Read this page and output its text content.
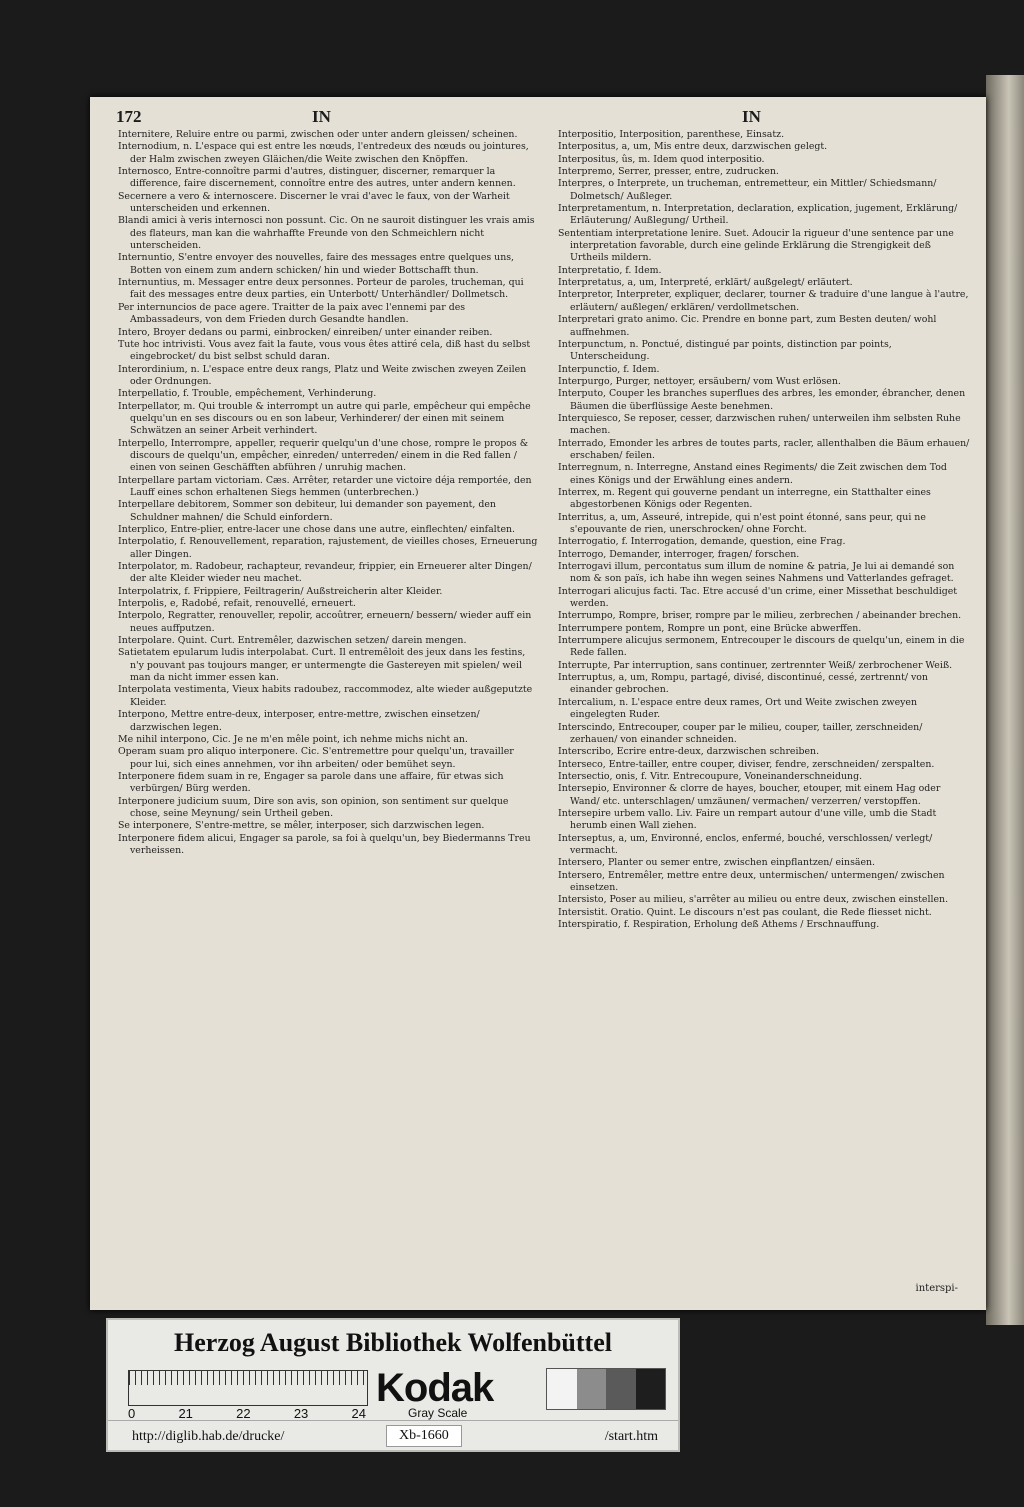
172	IN	IN

Internitere, Reluire entre ou parmi, zwischen oder unter andern gleissen/ scheinen.

Internodium, n. L'espace qui est entre les nœuds, l'entredeux des nœuds ou jointures, der Halm zwischen zweyen Gläichen/die Weite zwischen den Knöpffen.

Internosco, Entre-connoître parmi d'autres, distinguer, discerner, remarquer la difference, faire discernement, connoître entre des autres, unter andern kennen.

Secernere a vero & internoscere. Discerner le vrai d'avec le faux, von der Warheit unterscheiden und erkennen.

Blandi amici à veris internosci non possunt. Cic. On ne sauroit distinguer les vrais amis des flateurs, man kan die wahrhaffte Freunde von den Schmeichlern nicht unterscheiden.

Internuntio, S'entre envoyer des nouvelles, faire des messages entre quelques uns, Botten von einem zum andern schicken/ hin und wieder Bottschafft thun.

Internuntius, m. Messager entre deux personnes. Porteur de paroles, trucheman, qui fait des messages entre deux parties, ein Unterbott/ Unterhändler/ Dollmetsch.

Per internuncios de pace agere. Traitter de la paix avec l'ennemi par des Ambassadeurs, von dem Frieden durch Gesandte handlen.

Intero, Broyer dedans ou parmi, einbrocken/ einreiben/ unter einander reiben.

Tute hoc intrivisti. Vous avez fait la faute, vous vous êtes attiré cela, diß hast du selbst eingebrocket/ du bist selbst schuld daran.

Interordinium, n. L'espace entre deux rangs, Platz und Weite zwischen zweyen Zeilen oder Ordnungen.

Interpellatio, f. Trouble, empêchement, Verhinderung.

Interpellator, m. Qui trouble & interrompt un autre qui parle, empêcheur qui empêche quelqu'un en ses discours ou en son labeur, Verhinderer/ der einen mit seinem Schwätzen an seiner Arbeit verhindert.

Interpello, Interrompre, appeller, requerir quelqu'un d'une chose, rompre le propos & discours de quelqu'un, empêcher, einreden/ unterreden/ einem in die Red fallen / einen von seinen Geschäfften abführen / unruhig machen.

Interpellare partam victoriam. Cæs. Arrêter, retarder une victoire déja remportée, den Lauff eines schon erhaltenen Siegs hemmen (unterbrechen.)

Interpellare debitorem, Sommer son debiteur, lui demander son payement, den Schuldner mahnen/ die Schuld einfordern.

Interplico, Entre-plier, entre-lacer une chose dans une autre, einflechten/ einfalten.

Interpolatio, f. Renouvellement, reparation, rajustement, de vieilles choses, Erneuerung aller Dingen.

Interpolator, m. Radobeur, rachapteur, revandeur, frippier, ein Erneuerer alter Dingen/ der alte Kleider wieder neu machet.

Interpolatrix, f. Frippiere, Feiltragerin/ Außstreicherin alter Kleider.

Interpolis, e, Radobé, refait, renouvellé, erneuert.

Interpolo, Regratter, renouveller, repolir, accoûtrer, erneuern/ bessern/ wieder auff ein neues auffputzen.

Interpolare. Quint. Curt. Entremêler, dazwischen setzen/ darein mengen.

Satietatem epularum ludis interpolabat. Curt. Il entremêloit des jeux dans les festins, n'y pouvant pas toujours manger, er untermengte die Gastereyen mit spielen/ weil man da nicht immer essen kan.

Interpolata vestimenta, Vieux habits radoubez, raccommodez, alte wieder außgeputzte Kleider.

Interpono, Mettre entre-deux, interposer, entre-mettre, zwischen einsetzen/ darzwischen legen.

Me nihil interpono, Cic. Je ne m'en mêle point, ich nehme michs nicht an.

Operam suam pro aliquo interponere. Cic. S'entremettre pour quelqu'un, travailler pour lui, sich eines annehmen, vor ihn arbeiten/ oder bemühet seyn.

Interponere fidem suam in re, Engager sa parole dans une affaire, für etwas sich verbürgen/ Bürg werden.

Interponere judicium suum, Dire son avis, son opinion, son sentiment sur quelque chose, seine Meynung/ sein Urtheil geben.

Se interponere, S'entre-mettre, se mêler, interposer, sich darzwischen legen.

Interponere fidem alicui, Engager sa parole, sa foi à quelqu'un, bey Biedermanns Treu verheissen.

Interpositio, Interposition, parenthese, Einsatz.

Interpositus, a, um, Mis entre deux, darzwischen gelegt.

Interpositus, ûs, m. Idem quod interpositio.

Interpremo, Serrer, presser, entre, zudrucken.

Interpres, o Interprete, un trucheman, entremetteur, ein Mittler/ Schiedsmann/ Dolmetsch/ Außleger.

Interpretamentum, n. Interpretation, declaration, explication, jugement, Erklärung/ Erläuterung/ Außlegung/ Urtheil.

Sententiam interpretatione lenire. Suet. Adoucir la rigueur d'une sentence par une interpretation favorable, durch eine gelinde Erklärung die Strengigkeit deß Urtheils mildern.

Interpretatio, f. Idem.

Interpretatus, a, um, Interpreté, erklärt/ außgelegt/ erläutert.

Interpretor, Interpreter, expliquer, declarer, tourner & traduire d'une langue à l'autre, erläutern/ außlegen/ erklären/ verdollmetschen.

Interpretari grato animo. Cic. Prendre en bonne part, zum Besten deuten/ wohl auffnehmen.

Interpunctum, n. Ponctué, distingué par points, distinction par points, Unterscheidung.

Interpunctio, f. Idem.

Interpurgo, Purger, nettoyer, ersäubern/ vom Wust erlösen.

Interputo, Couper les branches superflues des arbres, les emonder, ébrancher, denen Bäumen die überflüssige Aeste benehmen.

Interquiesco, Se reposer, cesser, darzwischen ruhen/ unterweilen ihm selbsten Ruhe machen.

Interrado, Emonder les arbres de toutes parts, racler, allenthalben die Bäum erhauen/ erschaben/ feilen.

Interregnum, n. Interregne, Anstand eines Regiments/ die Zeit zwischen dem Tod eines Königs und der Erwählung eines andern.

Interrex, m. Regent qui gouverne pendant un interregne, ein Statthalter eines abgestorbenen Königs oder Regenten.

Interritus, a, um, Asseuré, intrepide, qui n'est point étonné, sans peur, qui ne s'epouvante de rien, unerschrocken/ ohne Forcht.

Interrogatio, f. Interrogation, demande, question, eine Frag.

Interrogo, Demander, interroger, fragen/ forschen.

Interrogavi illum, percontatus sum illum de nomine & patria, Je lui ai demandé son nom & son païs, ich habe ihn wegen seines Nahmens und Vatterlandes gefraget.

Interrogari alicujus facti. Tac. Etre accusé d'un crime, einer Missethat beschuldiget werden.

Interrumpo, Rompre, briser, rompre par le milieu, zerbrechen / abeinander brechen.

Interrumpere pontem, Rompre un pont, eine Brücke abwerffen.

Interrumpere alicujus sermonem, Entrecouper le discours de quelqu'un, einem in die Rede fallen.

Interrupte, Par interruption, sans continuer, zertrennter Weiß/ zerbrochener Weiß.

Interruptus, a, um, Rompu, partagé, divisé, discontinué, cessé, zertrennt/ von einander gebrochen.

Intercalium, n. L'espace entre deux rames, Ort und Weite zwischen zweyen eingelegten Ruder.

Interscindo, Entrecouper, couper par le milieu, couper, tailler, zerschneiden/ zerhauen/ von einander schneiden.

Interscribo, Ecrire entre-deux, darzwischen schreiben.

Interseco, Entre-tailler, entre couper, diviser, fendre, zerschneiden/ zerspalten.

Intersectio, onis, f. Vitr. Entrecoupure, Voneinanderschneidung.

Intersepio, Environner & clorre de hayes, boucher, etouper, mit einem Hag oder Wand/ etc. unterschlagen/ umzäunen/ vermachen/ verzerren/ verstopffen.

Intersepire urbem vallo. Liv. Faire un rempart autour d'une ville, umb die Stadt herumb einen Wall ziehen.

Interseptus, a, um, Environné, enclos, enfermé, bouché, verschlossen/ verlegt/ vermacht.

Intersero, Planter ou semer entre, zwischen einpflantzen/ einsäen.

Intersero, Entremêler, mettre entre deux, untermischen/ untermengen/ zwischen einsetzen.

Intersisto, Poser au milieu, s'arrêter au milieu ou entre deux, zwischen einstellen.

Intersistit. Oratio. Quint. Le discours n'est pas coulant, die Rede fliesset nicht.

Interspiratio, f. Respiration, Erholung deß Athems / Erschnauffung.

interspi-
Herzog August Bibliothek Wolfenbüttel
0	21	22	23	24
Kodak
Gray Scale
http://diglib.hab.de/drucke/	Xb-1660	/start.htm
